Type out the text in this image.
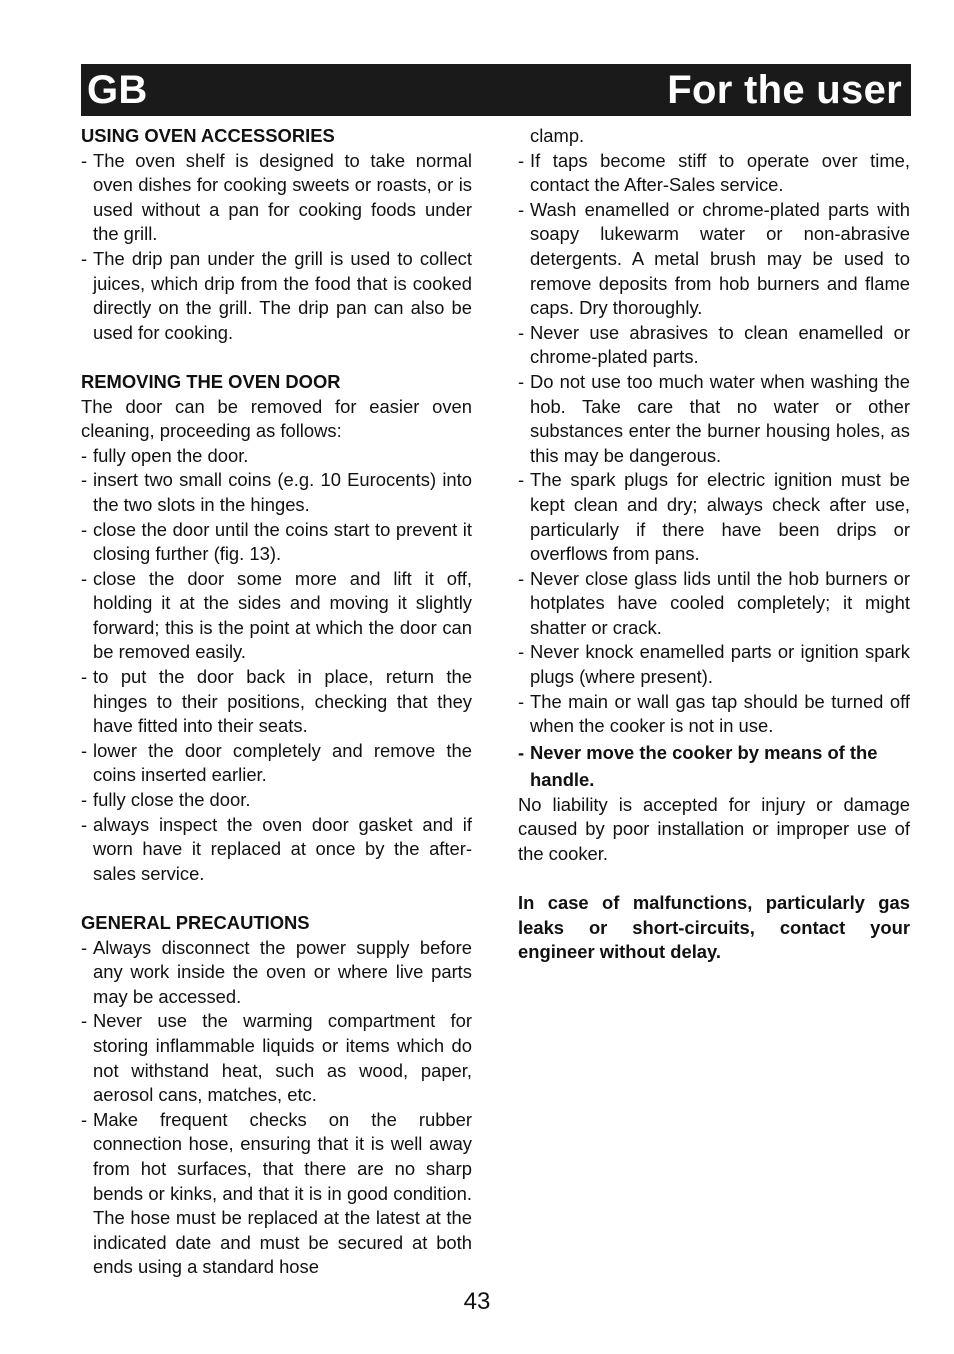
GB	For the user
USING OVEN ACCESSORIES
- The oven shelf is designed to take normal oven dishes for cooking sweets or roasts, or is used without a pan for cooking foods under the grill.
- The drip pan under the grill is used to collect juices, which drip from the food that is cooked directly on the grill. The drip pan can also be used for cooking.
REMOVING THE OVEN DOOR

The door can be removed for easier oven cleaning, proceeding as follows:

- fully open the door.
- insert two small coins (e.g. 10 Eurocents) into the two slots in the hinges.
- close the door until the coins start to prevent it closing further (fig. 13).
- close the door some more and lift it off, holding it at the sides and moving it slightly forward; this is the point at which the door can be removed easily.
- to put the door back in place, return the hinges to their positions, checking that they have fitted into their seats.
- lower the door completely and remove the coins inserted earlier.
- fully close the door.
- always inspect the oven door gasket and if worn have it replaced at once by the after-sales service.
GENERAL PRECAUTIONS
- Always disconnect the power supply before any work inside the oven or where live parts may be accessed.
- Never use the warming compartment for storing inflammable liquids or items which do not withstand heat, such as wood, paper, aerosol cans, matches, etc.
- Make frequent checks on the rubber connection hose, ensuring that it is well away from hot surfaces, that there are no sharp bends or kinks, and that it is in good condition. The hose must be replaced at the latest at the indicated date and must be secured at both ends using a standard hose
clamp.
- If taps become stiff to operate over time, contact the After-Sales service.
- Wash enamelled or chrome-plated parts with soapy lukewarm water or non-abrasive detergents. A metal brush may be used to remove deposits from hob burners and flame caps. Dry thoroughly.
- Never use abrasives to clean enamelled or chrome-plated parts.
- Do not use too much water when washing the hob. Take care that no water or other substances enter the burner housing holes, as this may be dangerous.
- The spark plugs for electric ignition must be kept clean and dry; always check after use, particularly if there have been drips or overflows from pans.
- Never close glass lids until the hob burners or hotplates have cooled completely; it might shatter or crack.
- Never knock enamelled parts or ignition spark plugs (where present).
- The main or wall gas tap should be turned off when the cooker is not in use.
- Never move the cooker by means of the handle.

No liability is accepted for injury or damage caused by poor installation or improper use of the cooker.

In case of malfunctions, particularly gas leaks or short-circuits, contact your engineer without delay.

43
